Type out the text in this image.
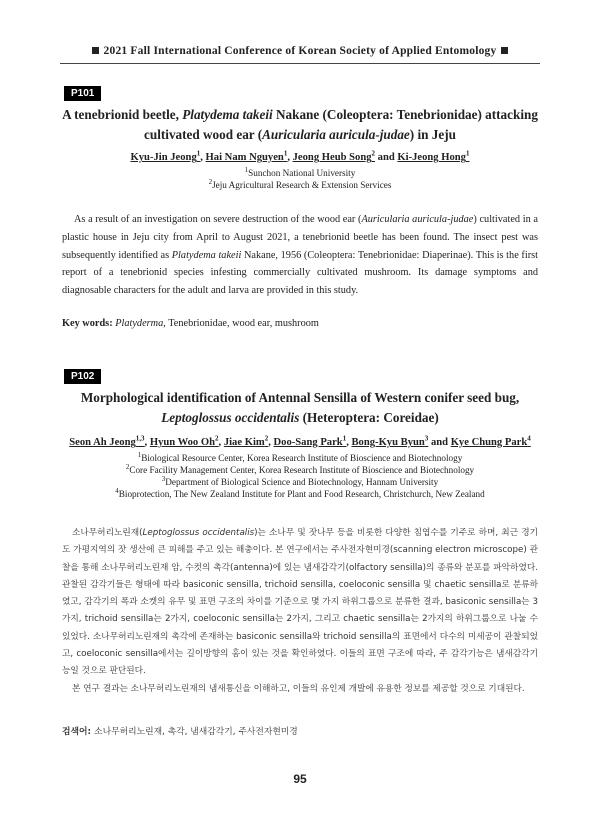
2021 Fall International Conference of Korean Society of Applied Entomology
P101
A tenebrionid beetle, Platydema takeii Nakane (Coleoptera: Tenebrionidae) attacking
cultivated wood ear (Auricularia auricula-judae) in Jeju
Kyu-Jin Jeong$^1$, Hai Nam Nguyen$^1$, Jeong Heub Song$^2$ and Ki-Jeong Hong$^1$
$^1$Sunchon National University
$^2$Jeju Agricultural Research & Extension Services

As a result of an investigation on severe destruction of the wood ear (Auricularia auricula-judae) cultivated in a plastic house in Jeju city from April to August 2021, a tenebrionid beetle has been found. The insect pest was subsequently identified as Platydema takeii Nakane, 1956 (Coleoptera: Tenebrionidae: Diaperinae). This is the first report of a tenebrionid species infesting commercially cultivated mushroom. Its damage symptoms and diagnosable characters for the adult and larva are provided in this study.

Key words: Platyderma, Tenebrionidae, wood ear, mushroom
P102
Morphological identification of Antennal Sensilla of Western conifer seed bug,
Leptoglossus occidentalis (Heteroptera: Coreidae)
Seon Ah Jeong$^{1,3}$, Hyun Woo Oh$^2$, Jiae Kim$^2$, Doo-Sang Park$^1$, Bong-Kyu Byun$^3$ and Kye Chung Park$^4$
$^1$Biological Resource Center, Korea Research Institute of Bioscience and Biotechnology
$^2$Core Facility Management Center, Korea Research Institute of Bioscience and Biotechnology
$^3$Department of Biological Science and Biotechnology, Hannam University
$^4$Bioprotection, The New Zealand Institute for Plant and Food Research, Christchurch, New Zealand

소나무허리노린재(Leptoglossus occidentalis)는 소나무 및 잣나무 등을 비롯한 다양한 침엽수를 기주로 하며, 최근 경기도 가평지역의 잣 생산에 큰 피해를 주고 있는 해충이다. 본 연구에서는 주사전자현미경(scanning electron microscope) 관찰을 통해 소나무허리노린재 암, 수컷의 촉각(antenna)에 있는 냄새감각기(olfactory sensilla)의 종류와 분포를 파악하였다. 관찰된 감각기들은 형태에 따라 basiconic sensilla, trichoid sensilla, coeloconic sensilla 및 chaetic sensilla로 분류하였고, 감각기의 폭과 소켓의 유무 및 표면 구조의 차이를 기준으로 몇 가지 하위그룹으로 분류한 결과, basiconic sensilla는 3가지, trichoid sensilla는 2가지, coeloconic sensilla는 2가지, 그리고 chaetic sensilla는 2가지의 하위그룹으로 나눌 수 있었다. 소나무허리노린재의 촉각에 존재하는 basiconic sensilla와 trichoid sensilla의 표면에서 다수의 미세공이 관찰되었고, coeloconic sensilla에서는 길이방향의 홈이 있는 것을 확인하였다. 이들의 표면 구조에 따라, 주 감각기능은 냄새감각기능일 것으로 판단된다.

본 연구 결과는 소나무허리노린재의 냄새통신을 이해하고, 이들의 유인제 개발에 유용한 정보를 제공할 것으로 기대된다.

검색어: 소나무허리노린재, 촉각, 냄새감각기, 주사전자현미경
95
